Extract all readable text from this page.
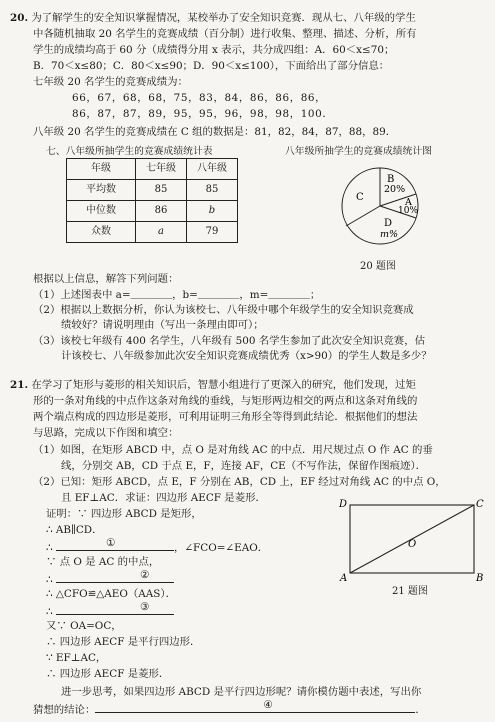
20. 为了解学生的安全知识掌握情况，某校举办了安全知识竞赛．现从七、八年级的学生
中各随机抽取 20 名学生的竞赛成绩（百分制）进行收集、整理、描述、分析，所有
学生的成绩均高于 60 分（成绩得分用 x 表示，共分成四组：A．60＜x≤70；
B．70＜x≤80；C．80＜x≤90；D．90＜x≤100），下面给出了部分信息：
七年级 20 名学生的竞赛成绩为：
66，67，68，68，75，83，84，86，86，86，
86，87，87，89，95，95，96，98，98，100．
八年级 20 名学生的竞赛成绩在 C 组的数据是：81，82，84，87，88，89．
七、八年级所抽学生的竞赛成绩统计表	八年级所抽学生的竞赛成绩统计图
年级	七年级	八年级
平均数	85	85
中位数	86	b
众数	a	79
B
20%
A
10%
C
D
m%
20 题图
根据以上信息，解答下列问题：
（1）上述图表中 a=＿＿＿＿，b=＿＿＿＿，m=＿＿＿＿；
（2）根据以上数据分析，你认为该校七、八年级中哪个年级学生的安全知识竞赛成
绩较好？请说明理由（写出一条理由即可）；
（3）该校七年级有 400 名学生，八年级有 500 名学生参加了此次安全知识竞赛，估
计该校七、八年级参加此次安全知识竞赛成绩优秀（x>90）的学生人数是多少？
21. 在学习了矩形与菱形的相关知识后，智慧小组进行了更深入的研究，他们发现，过矩
形的一条对角线的中点作这条对角线的垂线，与矩形两边相交的两点和这条对角线的
两个端点构成的四边形是菱形，可利用证明三角形全等得到此结论．根据他们的想法
与思路，完成以下作图和填空：
（1）如图，在矩形 ABCD 中，点 O 是对角线 AC 的中点．用尺规过点 O 作 AC 的垂
线，分别交 AB，CD 于点 E，F，连接 AF，CE（不写作法，保留作图痕迹）．
（2）已知：矩形 ABCD，点 E，F 分别在 AB，CD 上，EF 经过对角线 AC 的中点 O，
且 EF⊥AC．求证：四边形 AECF 是菱形．
证明：∵ 四边形 ABCD 是矩形，
∴ AB∥CD．
∴	①	，∠FCO=∠EAO．
∵ 点 O 是 AC 的中点，
∴	②
∴ △CFO≌△AEO（AAS）．
∴	③
又∵ OA=OC，
∴ 四边形 AECF 是平行四边形．
∵ EF⊥AC，
∴ 四边形 AECF 是菱形．
进一步思考，如果四边形 ABCD 是平行四边形呢？请你模仿题中表述，写出你
猜想的结论：	④	．
D	C
A	B
O
21 题图
